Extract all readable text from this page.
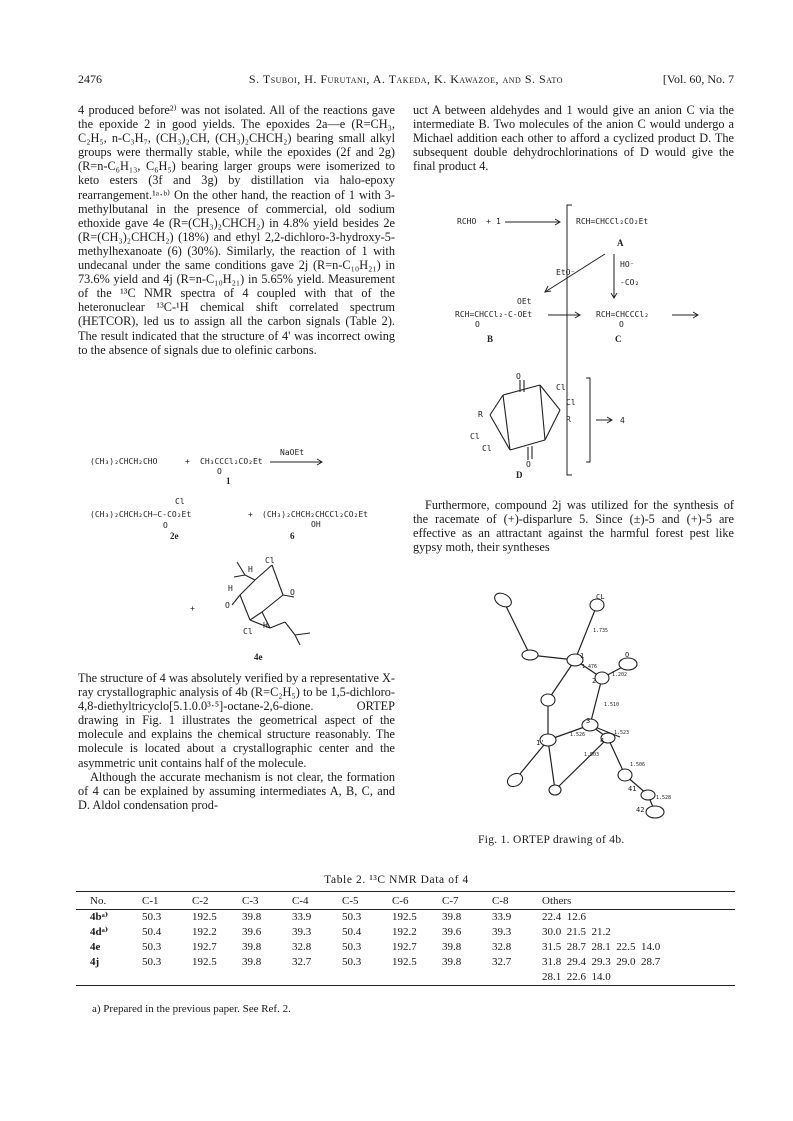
2476	S. Tsuboi, H. Furutani, A. Takeda, K. Kawazoe, and S. Sato	[Vol. 60, No. 7

4 produced before²⁾ was not isolated. All of the reactions gave the epoxide 2 in good yields. The epoxides 2a—e (R=CH₃, C₂H₅, n-C₃H₇, (CH₃)₂CH, (CH₃)₂CHCH₂) bearing small alkyl groups were thermally stable, while the epoxides (2f and 2g) (R=n-C₆H₁₃, C₆H₅) bearing larger groups were isomerized to keto esters (3f and 3g) by distillation via halo-epoxy rearrangement.¹ᵃ·ᵇ⁾ On the other hand, the reaction of 1 with 3-methylbutanal in the presence of commercial, old sodium ethoxide gave 4e (R=(CH₃)₂CHCH₂) in 4.8% yield besides 2e (R=(CH₃)₂CHCH₂) (18%) and ethyl 2,2-dichloro-3-hydroxy-5-methylhexanoate (6) (30%). Similarly, the reaction of 1 with undecanal under the same conditions gave 2j (R=n-C₁₀H₂₁) in 73.6% yield and 4j (R=n-C₁₀H₂₁) in 5.65% yield. Measurement of the ¹³C NMR spectra of 4 coupled with that of the heteronuclear ¹³C-¹H chemical shift correlated spectrum (HETCOR), led us to assign all the carbon signals (Table 2). The result indicated that the structure of 4' was incorrect owing to the absence of signals due to olefinic carbons.

(CH₃)₂CHCH₂CHO	+ CH₃CCCl₂CO₂Et
O
NaOEt
1
Cl
(CH₃)₂CHCH₂CH—C-CO₂Et
O
+ (CH₃)₂CHCH₂CHCCl₂CO₂Et
OH
2e	6
Cl
H
H	O
O
Cl
H
+
4e

The structure of 4 was absolutely verified by a representative X-ray crystallographic analysis of 4b (R=C₂H₅) to be 1,5-dichloro-4,8-diethyltricyclo[5.1.0.0³·⁵]-octane-2,6-dione. ORTEP drawing in Fig. 1 illustrates the geometrical aspect of the molecule and explains the chemical structure reasonably. The molecule is located about a crystallographic center and the asymmetric unit contains half of the molecule.

Although the accurate mechanism is not clear, the formation of 4 can be explained by assuming intermediates A, B, C, and D. Aldol condensation prod-

uct A between aldehydes and 1 would give an anion C via the intermediate B. Two molecules of the anion C would undergo a Michael addition each other to afford a cyclized product D. The subsequent double dehydrochlorinations of D would give the final product 4.

RCHO + 1	RCH=CHCCl₂CO₂Et
A
EtO⁻
HO⁻
-CO₂
OEt
RCH=CHCCl₂-C-OEt
O
B
RCH=CHCCCl₂
O
C
O
Cl
Cl
R
R
Cl
Cl
O
D
4

Furthermore, compound 2j was utilized for the synthesis of the racemate of (+)-disparlure 5. Since (±)-5 and (+)-5 are effective as an attractant against the harmful forest pest like gypsy moth, their syntheses

CL
O
1
2
3
4
1'
41
42
1.735
1.476
1.202
1.510
1.523
1.526
1.503
1.506
1.528
Fig. 1. ORTEP drawing of 4b.
Table 2. ¹³C NMR Data of 4
No.	C-1	C-2	C-3	C-4	C-5	C-6	C-7	C-8	Others
4bᵃ⁾	50.3	192.5	39.8	33.9	50.3	192.5	39.8	33.9	22.4  12.6
4dᵃ⁾	50.4	192.2	39.6	39.3	50.4	192.2	39.6	39.3	30.0  21.5  21.2
4e	50.3	192.7	39.8	32.8	50.3	192.7	39.8	32.8	31.5  28.7  28.1  22.5  14.0
4j	50.3	192.5	39.8	32.7	50.3	192.5	39.8	32.7	31.8  29.4  29.3  29.0  28.7
									28.1  22.6  14.0
a) Prepared in the previous paper. See Ref. 2.
